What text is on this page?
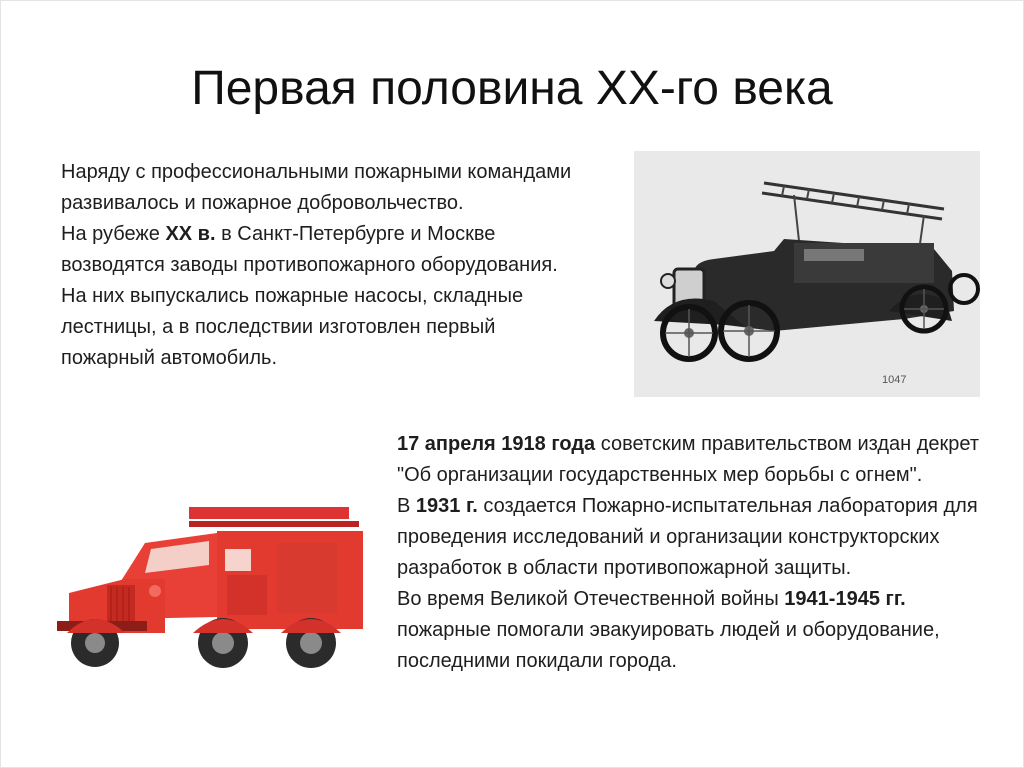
Первая половина XX-го века
Наряду с профессиональными пожарными командами развивалось и пожарное добровольчество.
На рубеже XX в. в Санкт-Петербурге и Москве возводятся заводы противопожарного оборудования. На них выпускались пожарные насосы, складные лестницы, а в последствии изготовлен первый пожарный автомобиль.
1047
17 апреля 1918 года советским правительством издан декрет "Об организации государственных мер борьбы с огнем".
В 1931 г. создается Пожарно-испытательная лаборатория для проведения исследований и организации конструкторских разработок в области противопожарной защиты.
Во время Великой Отечественной войны 1941-1945 гг. пожарные помогали эвакуировать людей и оборудование, последними покидали города.
